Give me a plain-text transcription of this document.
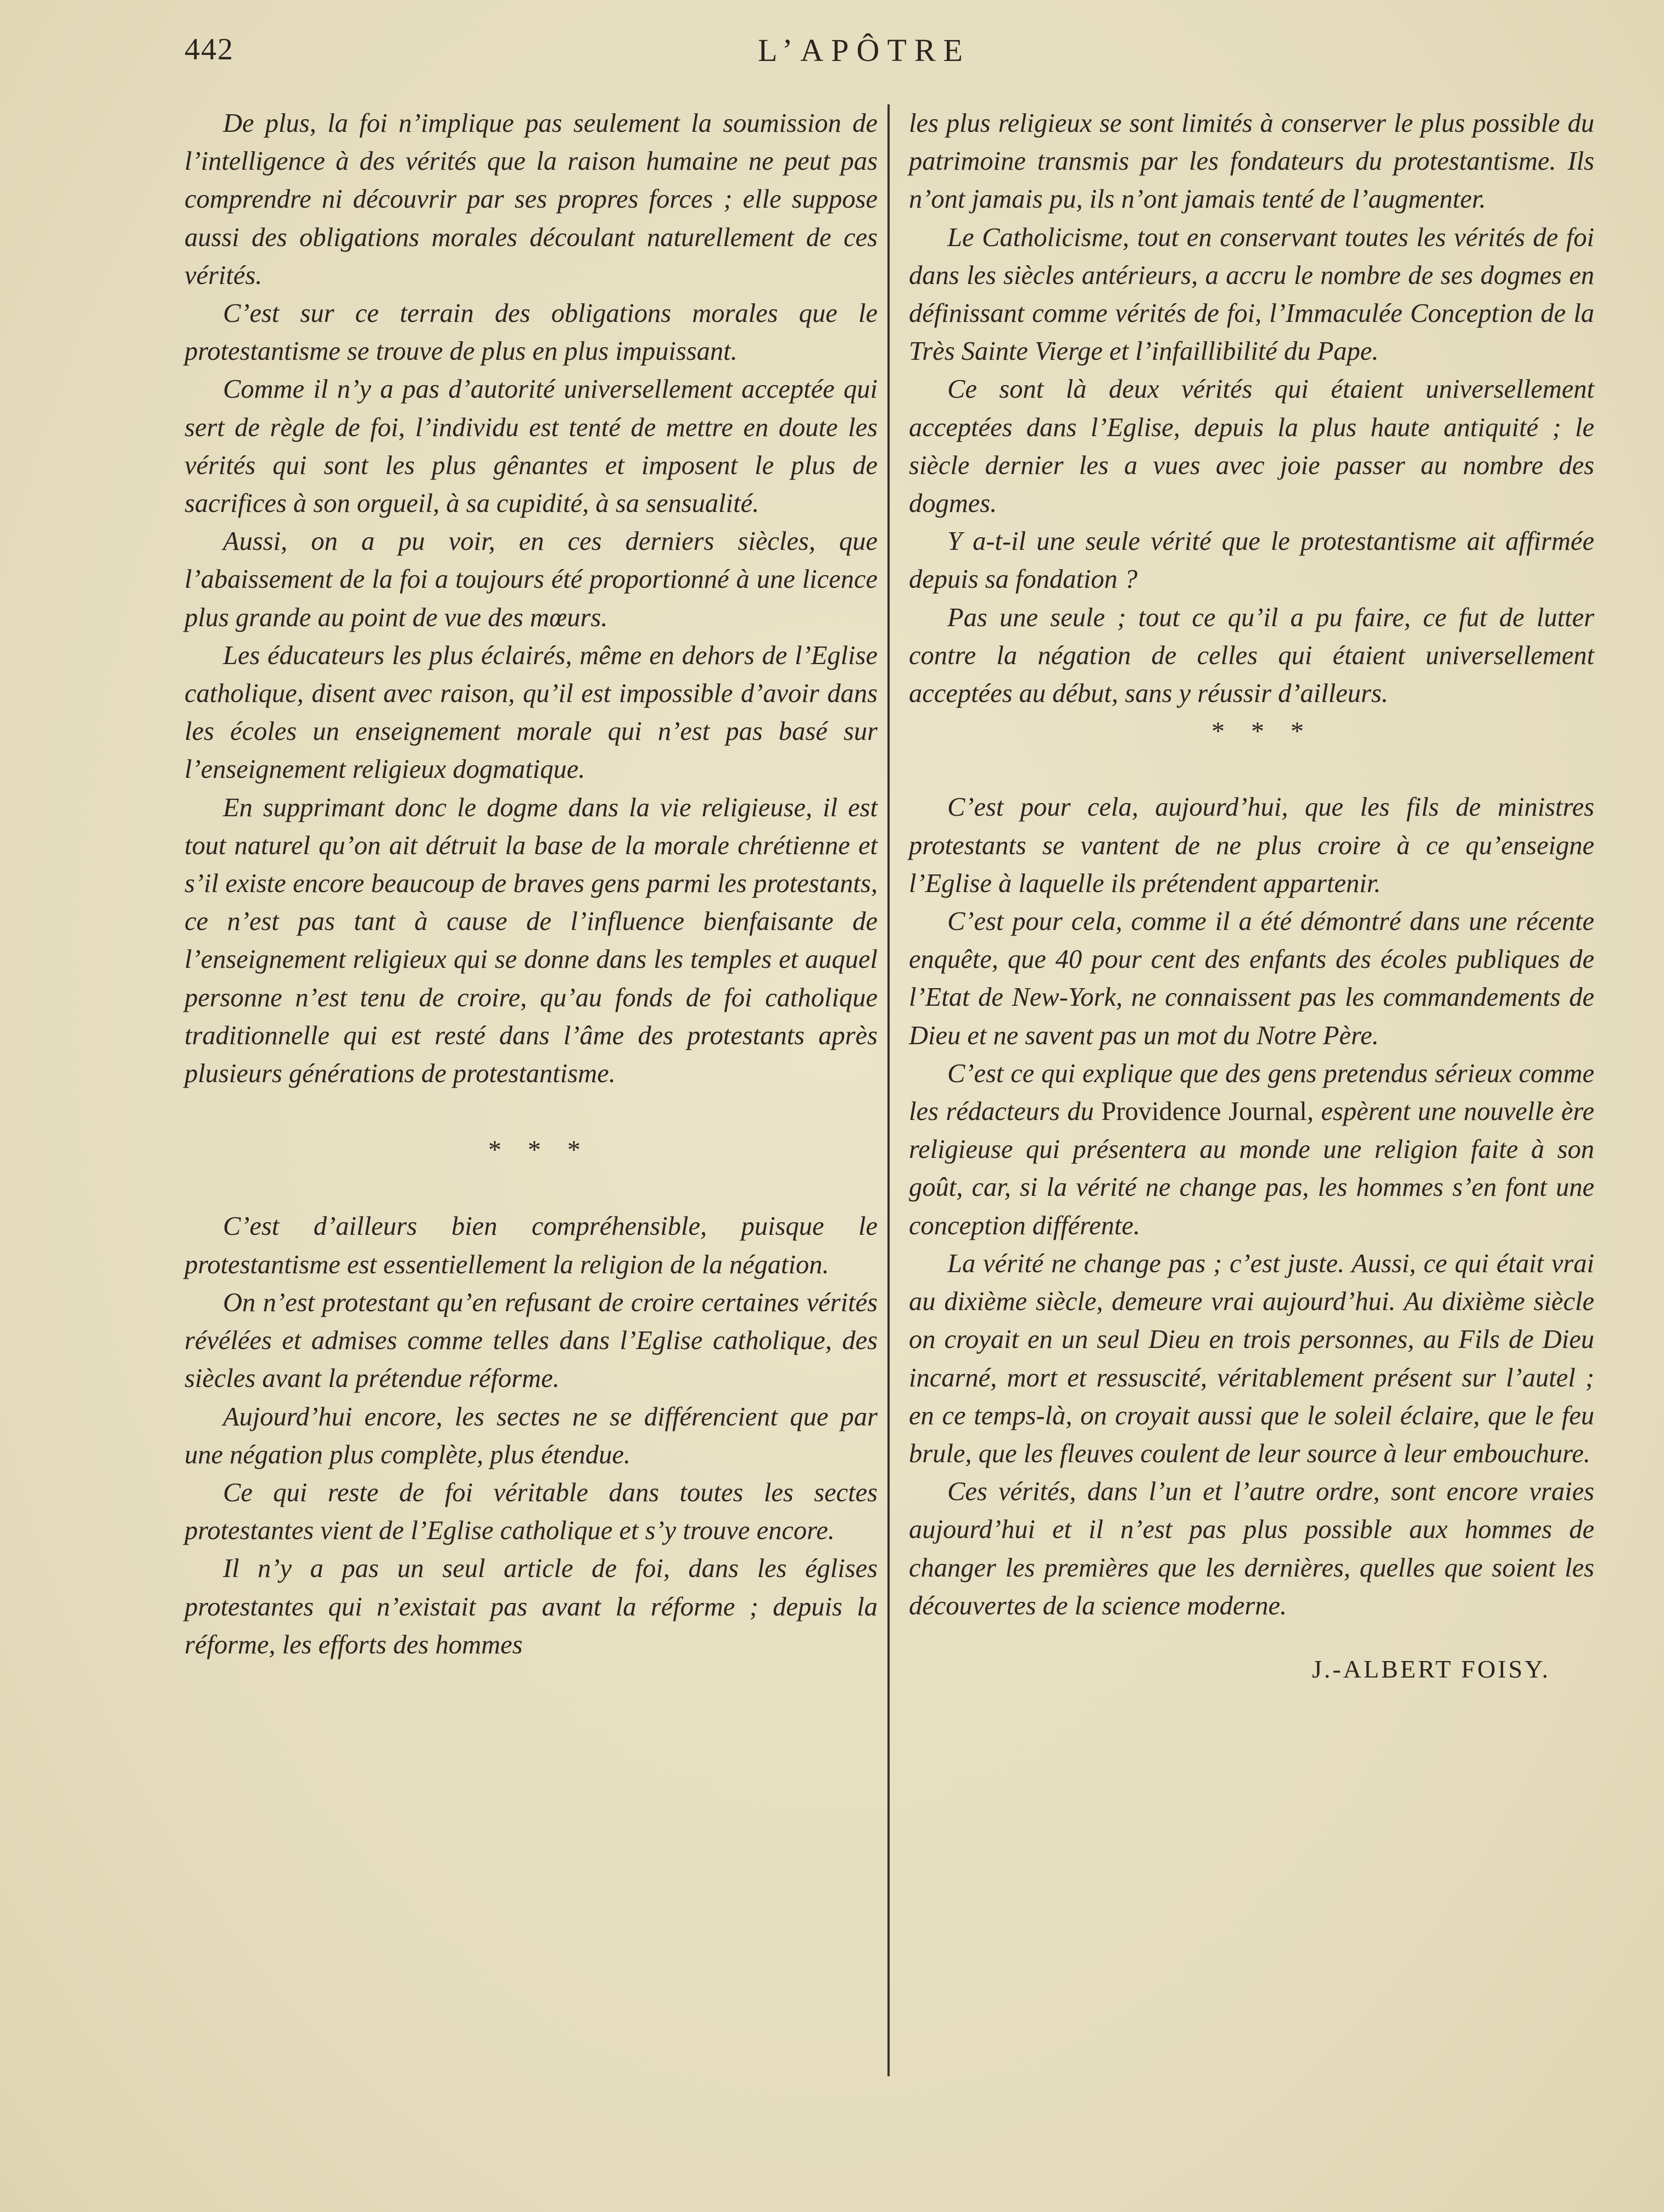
442	L’APÔTRE

De plus, la foi n’implique pas seulement la soumission de l’intelligence à des vérités que la raison humaine ne peut pas comprendre ni découvrir par ses propres forces ; elle suppose aussi des obligations morales découlant naturellement de ces vérités.

C’est sur ce terrain des obligations morales que le protestantisme se trouve de plus en plus impuissant.

Comme il n’y a pas d’autorité universellement acceptée qui sert de règle de foi, l’individu est tenté de mettre en doute les vérités qui sont les plus gênantes et imposent le plus de sacrifices à son orgueil, à sa cupidité, à sa sensualité.

Aussi, on a pu voir, en ces derniers siècles, que l’abaissement de la foi a toujours été proportionné à une licence plus grande au point de vue des mœurs.

Les éducateurs les plus éclairés, même en dehors de l’Eglise catholique, disent avec raison, qu’il est impossible d’avoir dans les écoles un enseignement morale qui n’est pas basé sur l’enseignement religieux dogmatique.

En supprimant donc le dogme dans la vie religieuse, il est tout naturel qu’on ait détruit la base de la morale chrétienne et s’il existe encore beaucoup de braves gens parmi les protestants, ce n’est pas tant à cause de l’influence bienfaisante de l’enseignement religieux qui se donne dans les temples et auquel personne n’est tenu de croire, qu’au fonds de foi catholique traditionnelle qui est resté dans l’âme des protestants après plusieurs générations de protestantisme.

* * *

C’est d’ailleurs bien compréhensible, puisque le protestantisme est essentiellement la religion de la négation.

On n’est protestant qu’en refusant de croire certaines vérités révélées et admises comme telles dans l’Eglise catholique, des siècles avant la prétendue réforme.

Aujourd’hui encore, les sectes ne se différencient que par une négation plus complète, plus étendue.

Ce qui reste de foi véritable dans toutes les sectes protestantes vient de l’Eglise catholique et s’y trouve encore.

Il n’y a pas un seul article de foi, dans les églises protestantes qui n’existait pas avant la réforme ; depuis la réforme, les efforts des hommes

les plus religieux se sont limités à conserver le plus possible du patrimoine transmis par les fondateurs du protestantisme. Ils n’ont jamais pu, ils n’ont jamais tenté de l’augmenter.

Le Catholicisme, tout en conservant toutes les vérités de foi dans les siècles antérieurs, a accru le nombre de ses dogmes en définissant comme vérités de foi, l’Immaculée Conception de la Très Sainte Vierge et l’infaillibilité du Pape.

Ce sont là deux vérités qui étaient universellement acceptées dans l’Eglise, depuis la plus haute antiquité ; le siècle dernier les a vues avec joie passer au nombre des dogmes.

Y a-t-il une seule vérité que le protestantisme ait affirmée depuis sa fondation ?

Pas une seule ; tout ce qu’il a pu faire, ce fut de lutter contre la négation de celles qui étaient universellement acceptées au début, sans y réussir d’ailleurs.

* * *

C’est pour cela, aujourd’hui, que les fils de ministres protestants se vantent de ne plus croire à ce qu’enseigne l’Eglise à laquelle ils prétendent appartenir.

C’est pour cela, comme il a été démontré dans une récente enquête, que 40 pour cent des enfants des écoles publiques de l’Etat de New-York, ne connaissent pas les commandements de Dieu et ne savent pas un mot du Notre Père.

C’est ce qui explique que des gens pretendus sérieux comme les rédacteurs du Providence Journal, espèrent une nouvelle ère religieuse qui présentera au monde une religion faite à son goût, car, si la vérité ne change pas, les hommes s’en font une conception différente.

La vérité ne change pas ; c’est juste. Aussi, ce qui était vrai au dixième siècle, demeure vrai aujourd’hui. Au dixième siècle on croyait en un seul Dieu en trois personnes, au Fils de Dieu incarné, mort et ressuscité, véritablement présent sur l’autel ; en ce temps-là, on croyait aussi que le soleil éclaire, que le feu brule, que les fleuves coulent de leur source à leur embouchure.

Ces vérités, dans l’un et l’autre ordre, sont encore vraies aujourd’hui et il n’est pas plus possible aux hommes de changer les premières que les dernières, quelles que soient les découvertes de la science moderne.

J.-ALBERT FOISY.
